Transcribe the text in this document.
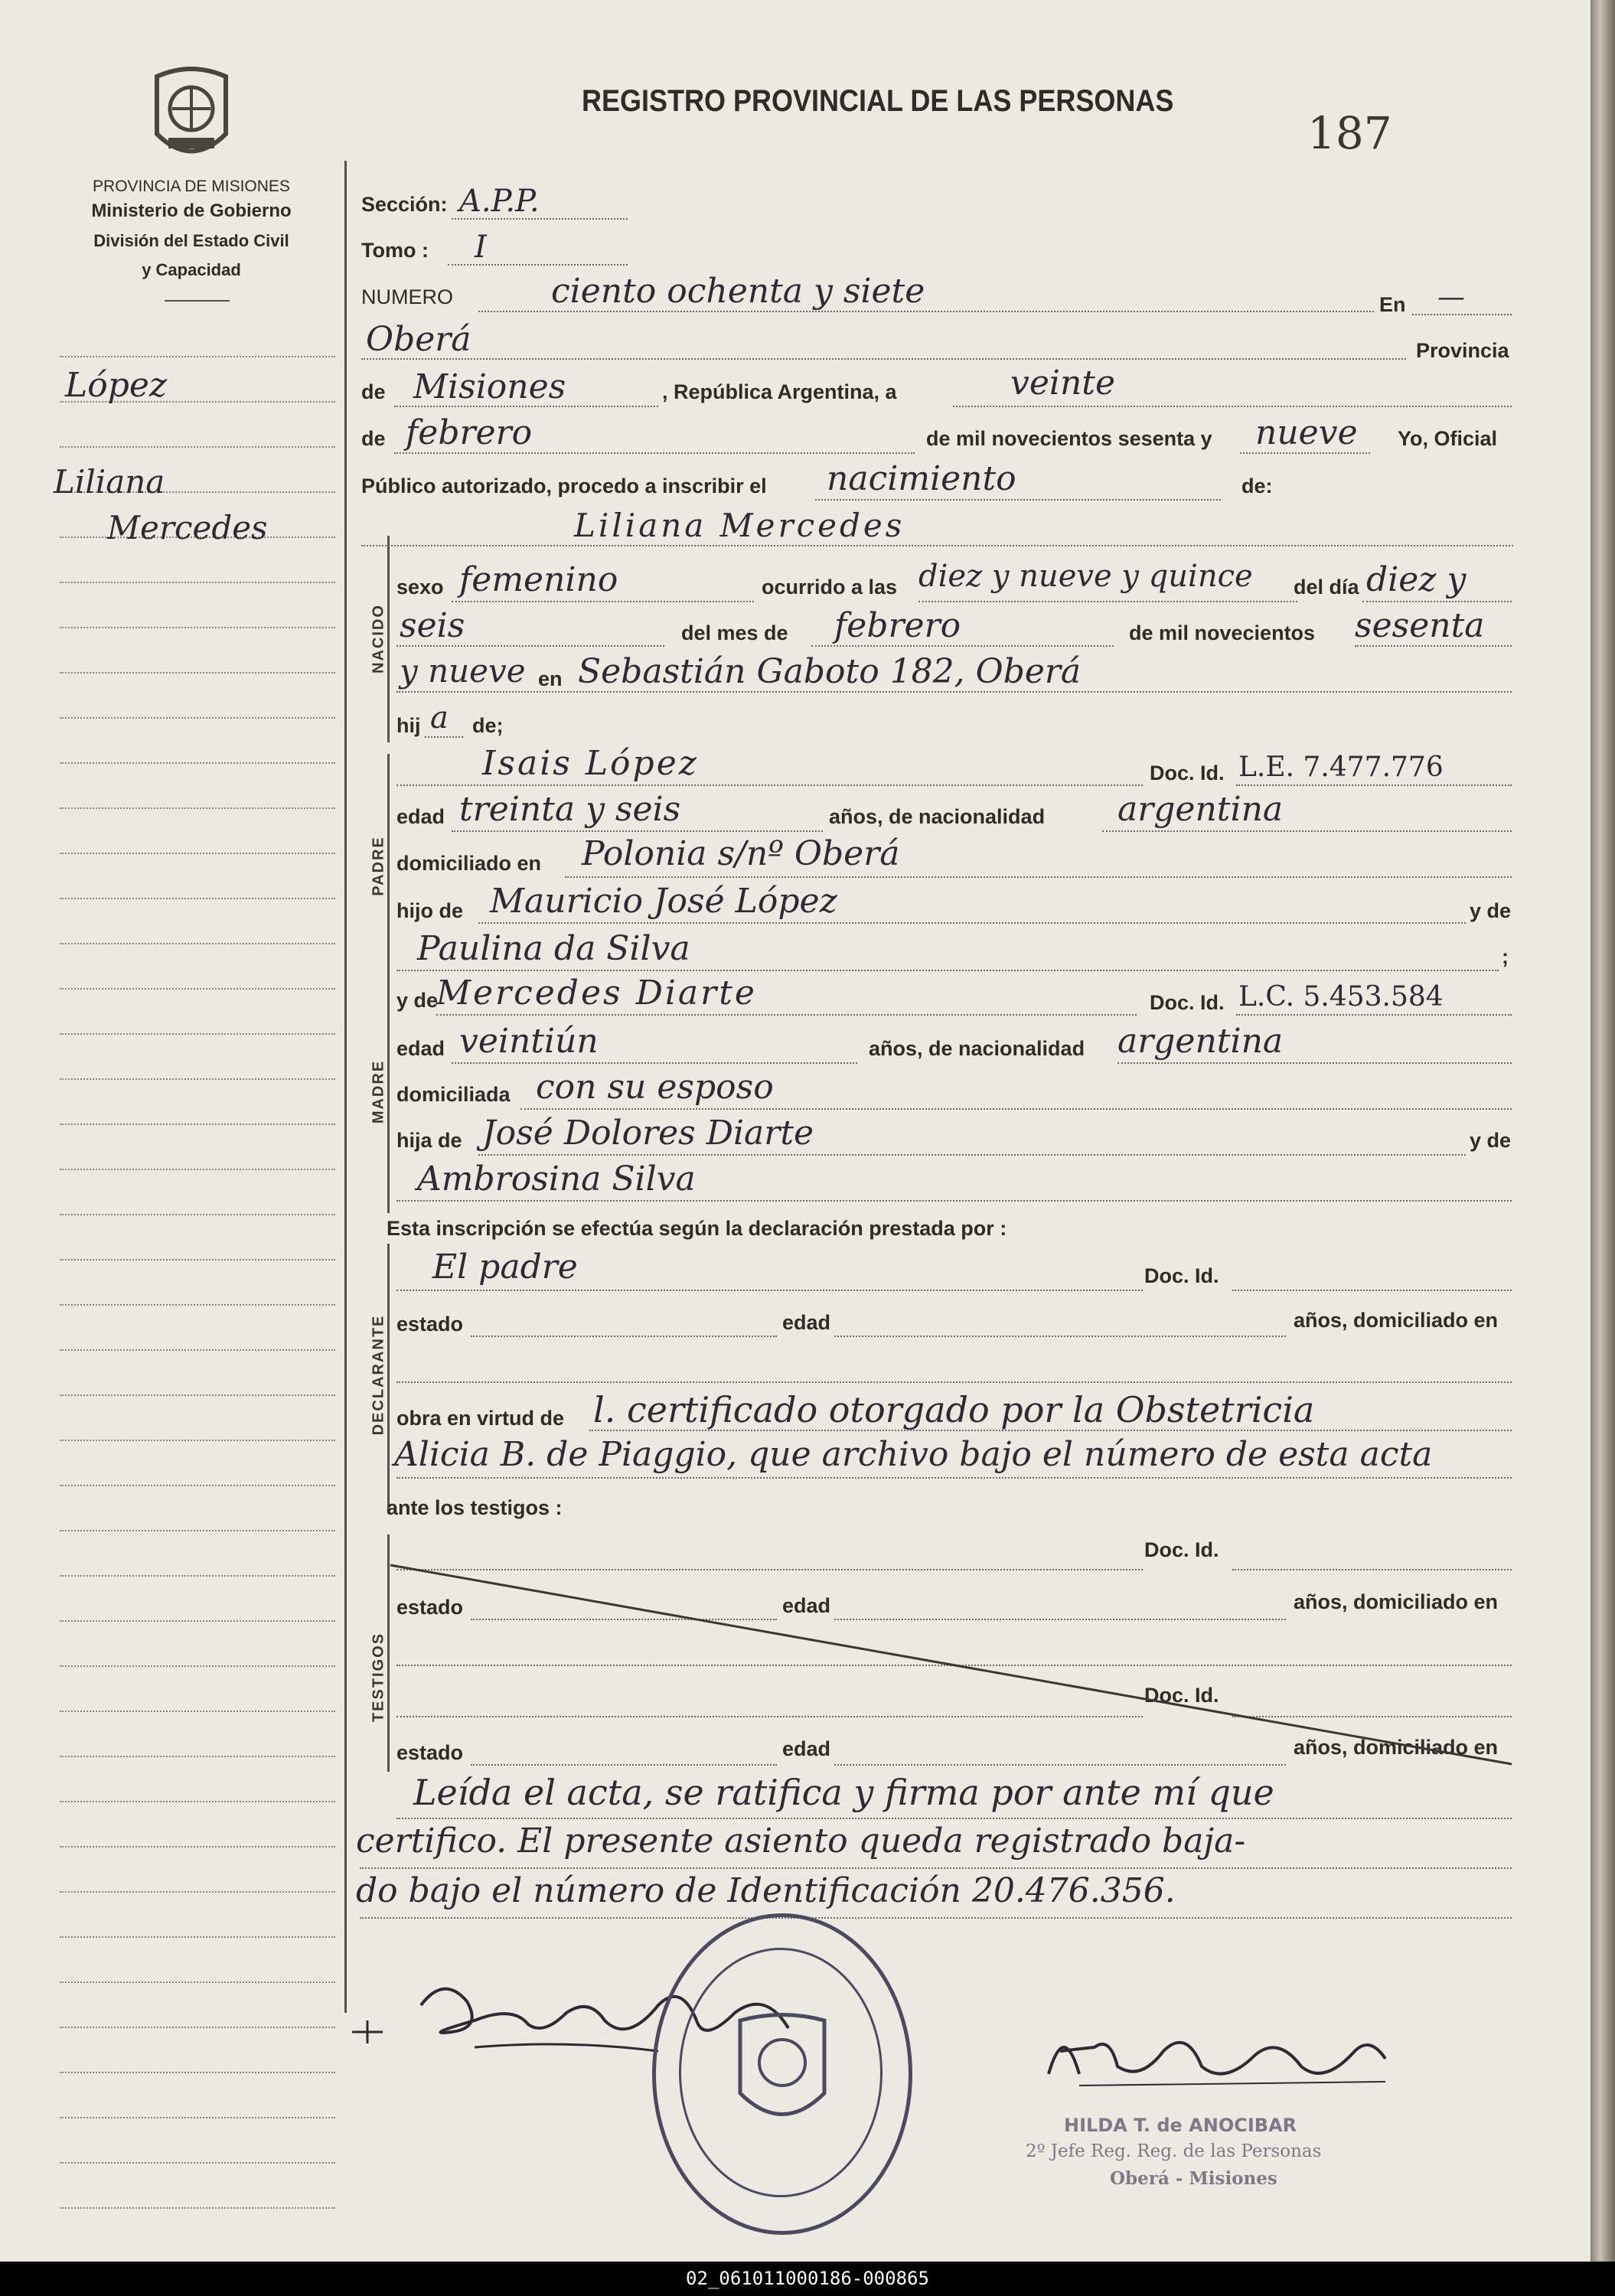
PROVINCIA DE MISIONES
Ministerio de Gobierno
División del Estado Civil
y Capacidad
REGISTRO PROVINCIAL DE LAS PERSONAS
187
López
Liliana
Mercedes
Sección: A.P.P.
Tomo : I
NUMERO	ciento ochenta y siete	En —
Oberá	Provincia
de Misiones	, República Argentina, a	veinte
de febrero	de mil novecientos sesenta y nueve Yo, Oficial
Público autorizado, procedo a inscribir el nacimiento	de:
Liliana Mercedes
NACIDO
sexo femenino	ocurrido a las diez y nueve y quince del día diez y
seis	del mes de febrero	de mil novecientos sesenta
y nueve en Sebastián Gaboto 182, Oberá
hij a de;
PADRE
Isais López	Doc. Id. L.E. 7.477.776
edad treinta y seis	años, de nacionalidad argentina
domiciliado en Polonia s/nº Oberá
hijo de Mauricio José López	y de
Paulina da Silva	;
MADRE
y de
Mercedes Diarte	Doc. Id. L.C. 5.453.584
edad veintiún	años, de nacionalidad argentina
domiciliada con su esposo
hija de José Dolores Diarte	y de
Ambrosina Silva
Esta inscripción se efectúa según la declaración prestada por :
DECLARANTE
El padre	Doc. Id.
estado	edad	años, domiciliado en
obra en virtud de l. certificado otorgado por la Obstetricia
Alicia B. de Piaggio, que archivo bajo el número de esta acta
ante los testigos :
TESTIGOS
Doc. Id.
estado	edad	años, domiciliado en
Doc. Id.
estado	edad	años, domiciliado en
Leída el acta, se ratifica y firma por ante mí que
certifico. El presente asiento queda registrado baja-
do bajo el número de Identificación 20.476.356.
HILDA T. de ANOCIBAR
2º Jefe Reg. Reg. de las Personas
Oberá - Misiones
02_061011000186-000865
